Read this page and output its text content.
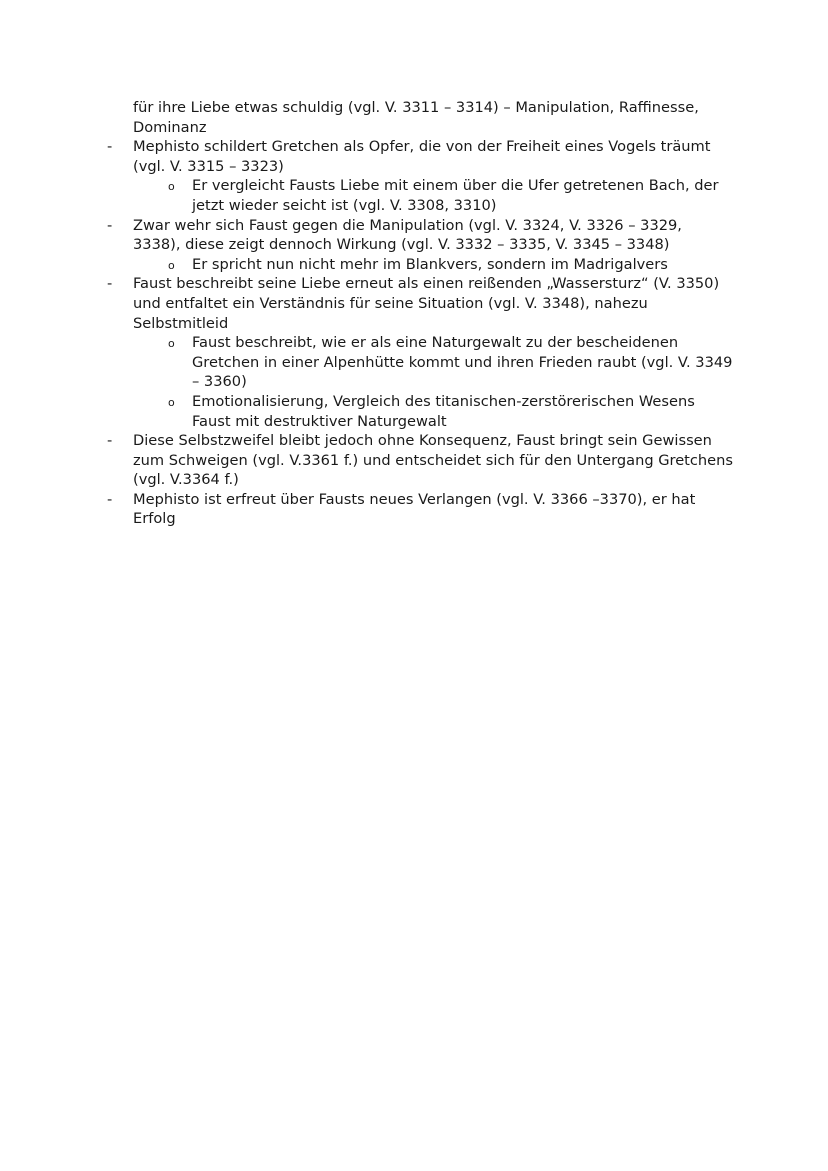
für ihre Liebe etwas schuldig (vgl. V. 3311 – 3314) – Manipulation, Raffinesse,
Dominanz
- Mephisto schildert Gretchen als Opfer, die von der Freiheit eines Vogels träumt
(vgl. V. 3315 – 3323)
o Er vergleicht Fausts Liebe mit einem über die Ufer getretenen Bach, der
jetzt wieder seicht ist (vgl. V. 3308, 3310)
- Zwar wehr sich Faust gegen die Manipulation (vgl. V. 3324, V. 3326 – 3329,
3338), diese zeigt dennoch Wirkung (vgl. V. 3332 – 3335, V. 3345 – 3348)
o Er spricht nun nicht mehr im Blankvers, sondern im Madrigalvers
- Faust beschreibt seine Liebe erneut als einen reißenden „Wassersturz“ (V. 3350)
und entfaltet ein Verständnis für seine Situation (vgl. V. 3348), nahezu
Selbstmitleid
o Faust beschreibt, wie er als eine Naturgewalt zu der bescheidenen
Gretchen in einer Alpenhütte kommt und ihren Frieden raubt (vgl. V. 3349
– 3360)
o Emotionalisierung, Vergleich des titanischen-zerstörerischen Wesens
Faust mit destruktiver Naturgewalt
- Diese Selbstzweifel bleibt jedoch ohne Konsequenz, Faust bringt sein Gewissen
zum Schweigen (vgl. V.3361 f.) und entscheidet sich für den Untergang Gretchens
(vgl. V.3364 f.)
- Mephisto ist erfreut über Fausts neues Verlangen (vgl. V. 3366 –3370), er hat
Erfolg
